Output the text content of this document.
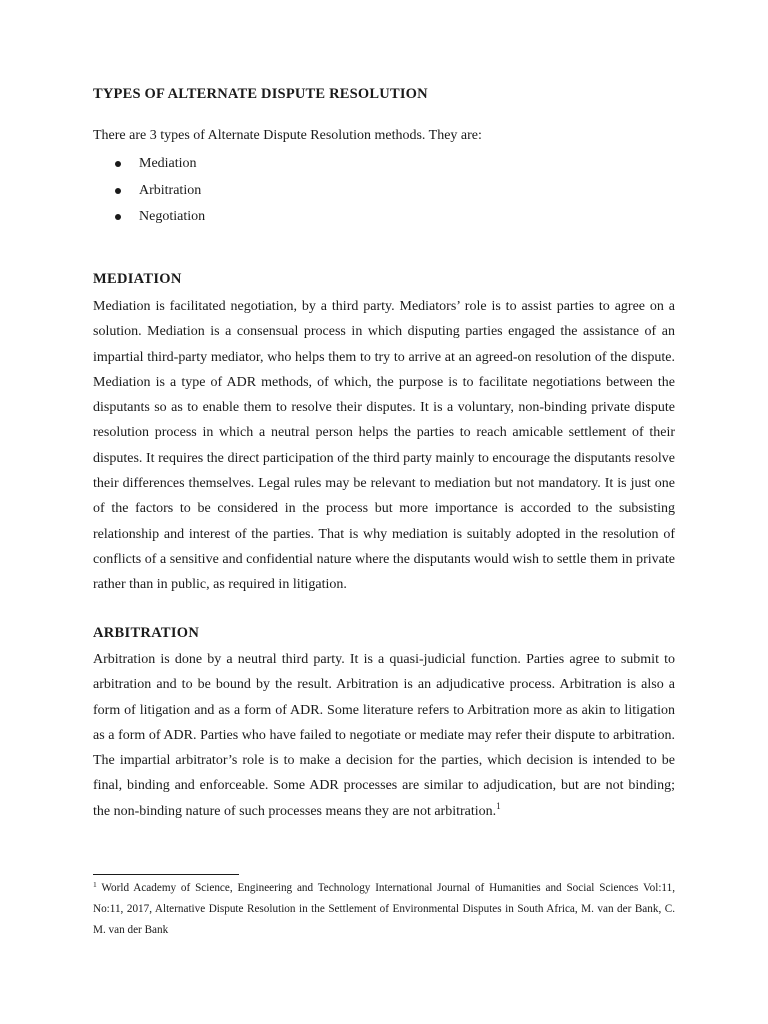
TYPES OF ALTERNATE DISPUTE RESOLUTION

There are 3 types of Alternate Dispute Resolution methods. They are:

Mediation
Arbitration
Negotiation
MEDIATION

Mediation is facilitated negotiation, by a third party. Mediators’ role is to assist parties to agree on a solution. Mediation is a consensual process in which disputing parties engaged the assistance of an impartial third-party mediator, who helps them to try to arrive at an agreed-on resolution of the dispute. Mediation is a type of ADR methods, of which, the purpose is to facilitate negotiations between the disputants so as to enable them to resolve their disputes. It is a voluntary, non-binding private dispute resolution process in which a neutral person helps the parties to reach amicable settlement of their disputes. It requires the direct participation of the third party mainly to encourage the disputants resolve their differences themselves. Legal rules may be relevant to mediation but not mandatory. It is just one of the factors to be considered in the process but more importance is accorded to the subsisting relationship and interest of the parties. That is why mediation is suitably adopted in the resolution of conflicts of a sensitive and confidential nature where the disputants would wish to settle them in private rather than in public, as required in litigation.

ARBITRATION

Arbitration is done by a neutral third party. It is a quasi-judicial function. Parties agree to submit to arbitration and to be bound by the result. Arbitration is an adjudicative process. Arbitration is also a form of litigation and as a form of ADR. Some literature refers to Arbitration more as akin to litigation as a form of ADR. Parties who have failed to negotiate or mediate may refer their dispute to arbitration. The impartial arbitrator’s role is to make a decision for the parties, which decision is intended to be final, binding and enforceable. Some ADR processes are similar to adjudication, but are not binding; the non-binding nature of such processes means they are not arbitration.$^1$

$^1$ World Academy of Science, Engineering and Technology International Journal of Humanities and Social Sciences Vol:11, No:11, 2017, Alternative Dispute Resolution in the Settlement of Environmental Disputes in South Africa, M. van der Bank, C. M. van der Bank
